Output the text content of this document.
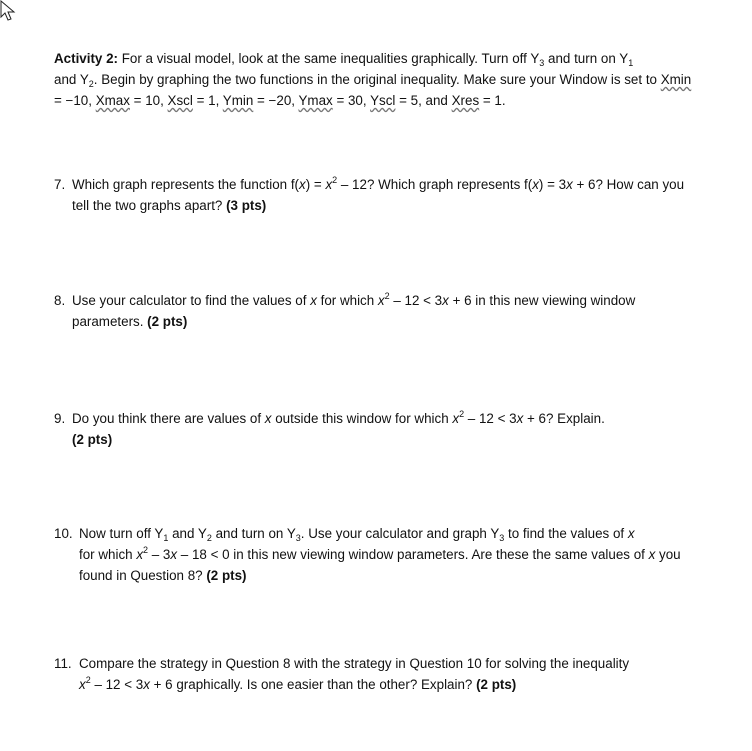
Activity 2: For a visual model, look at the same inequalities graphically. Turn off $Y_3$ and turn on $Y_1$
and $Y_2$. Begin by graphing the two functions in the original inequality. Make sure your Window is set to Xmin = −10, Xmax = 10, Xscl = 1, Ymin = −20, Ymax = 30, Yscl = 5, and Xres = 1.

7. Which graph represents the function $f(x) = x^2 - 12$? Which graph represents f(x) = 3x + 6? How can you tell the two graphs apart? (3 pts)
8. Use your calculator to find the values of x for which $x^2 - 12 < 3x + 6$ in this new viewing window parameters. (2 pts)
9. Do you think there are values of x outside this window for which $x^2 - 12 < 3x + 6$? Explain.
(2 pts)
10. Now turn off $Y_1$ and $Y_2$ and turn on $Y_3$. Use your calculator and graph $Y_3$ to find the values of x
for which $x^2 - 3x - 18 < 0$ in this new viewing window parameters. Are these the same values of x you found in Question 8? (2 pts)
11. Compare the strategy in Question 8 with the strategy in Question 10 for solving the inequality
$x^2 - 12 < 3x + 6$ graphically. Is one easier than the other? Explain? (2 pts)
